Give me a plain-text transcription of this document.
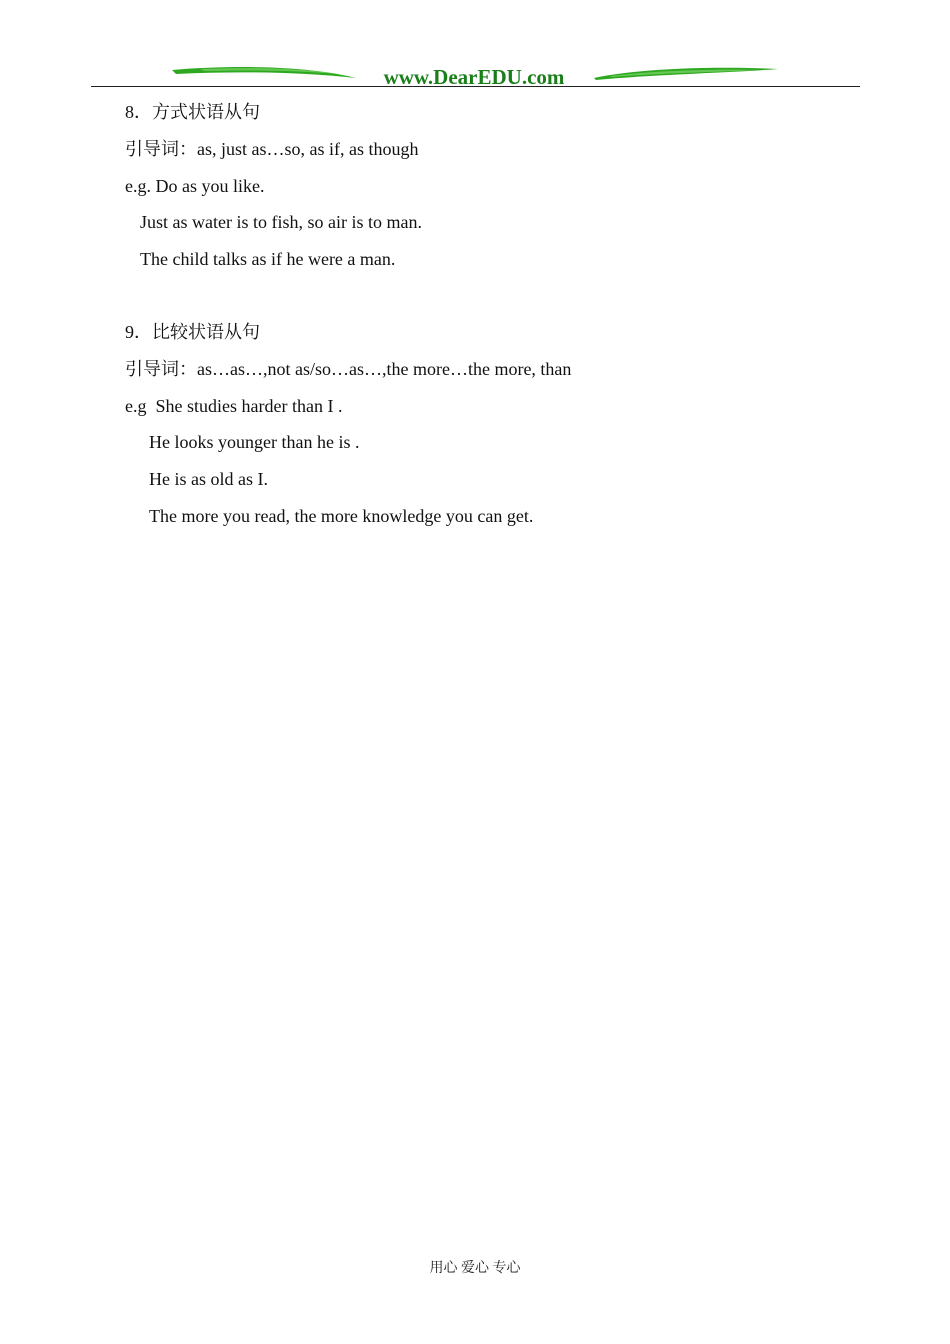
www.DearEDU.com
8．方式状语从句
引导词：as, just as…so, as if, as though
e.g. Do as you like.
Just as water is to fish, so air is to man.
The child talks as if he were a man.
9．比较状语从句
引导词：as…as…,not as/so…as…,the more…the more, than
e.g  She studies harder than I .
He looks younger than he is .
He is as old as I.
The more you read, the more knowledge you can get.
用心 爱心 专心
